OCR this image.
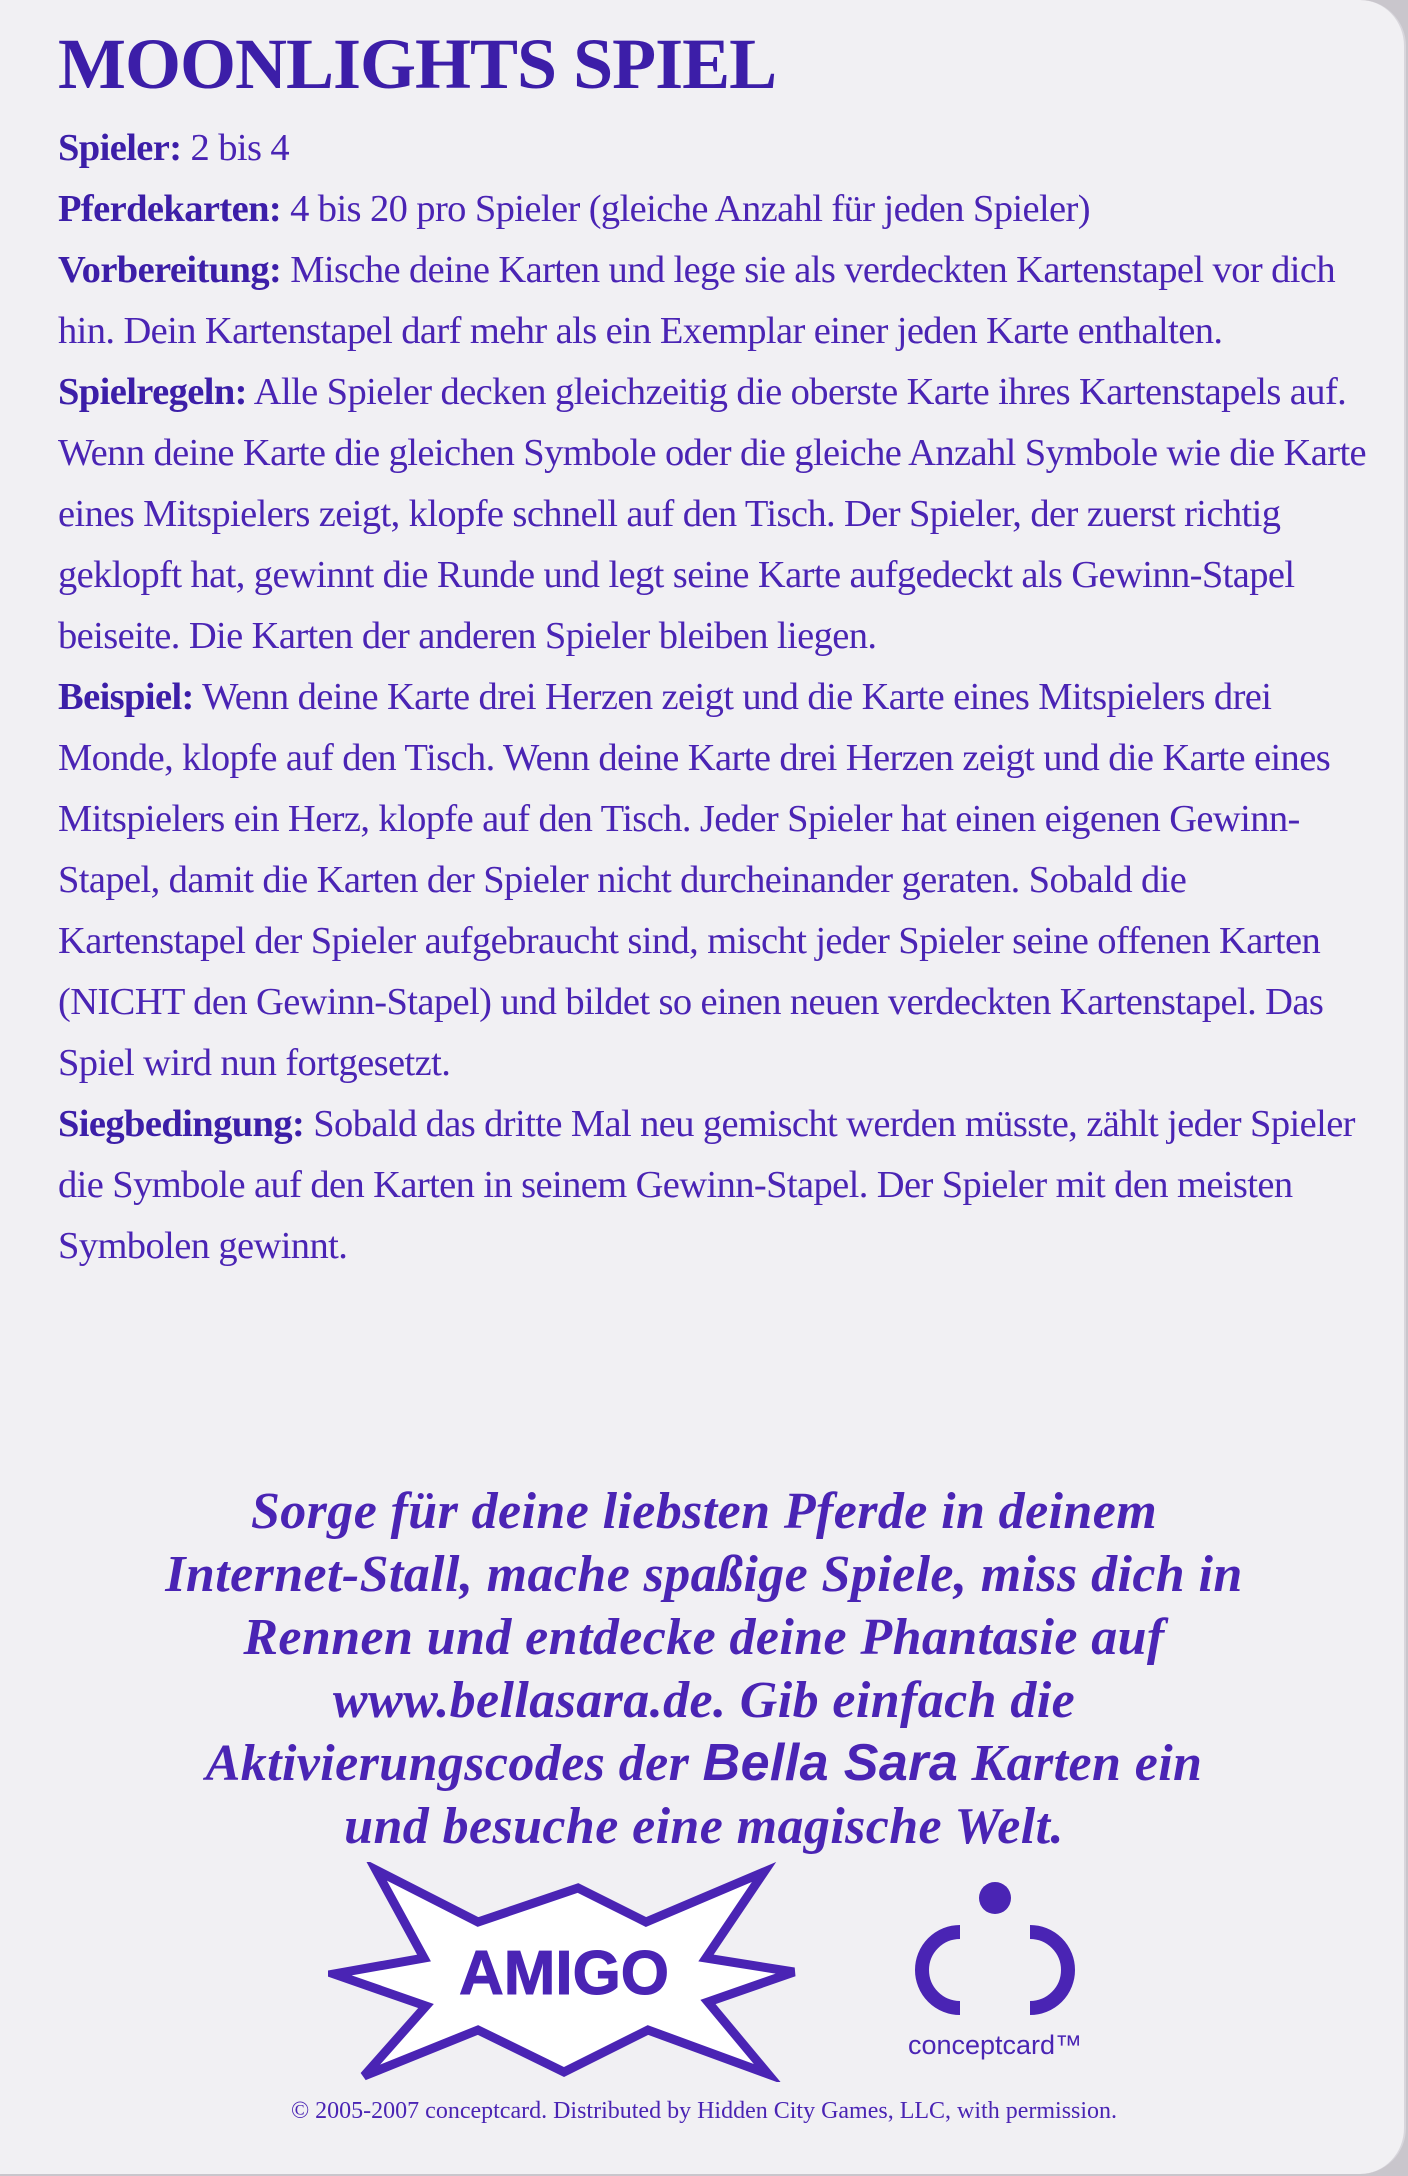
MOONLIGHTS SPIEL

Spieler: 2 bis 4

Pferdekarten: 4 bis 20 pro Spieler (gleiche Anzahl für jeden Spieler)

Vorbereitung: Mische deine Karten und lege sie als verdeckten Kartenstapel vor dich hin. Dein Kartenstapel darf mehr als ein Exemplar einer jeden Karte enthalten.

Spielregeln: Alle Spieler decken gleichzeitig die oberste Karte ihres Kartenstapels auf. Wenn deine Karte die gleichen Symbole oder die gleiche Anzahl Symbole wie die Karte eines Mitspielers zeigt, klopfe schnell auf den Tisch. Der Spieler, der zuerst richtig geklopft hat, gewinnt die Runde und legt seine Karte aufgedeckt als Gewinn-Stapel beiseite. Die Karten der anderen Spieler bleiben liegen.

Beispiel: Wenn deine Karte drei Herzen zeigt und die Karte eines Mitspielers drei Monde, klopfe auf den Tisch. Wenn deine Karte drei Herzen zeigt und die Karte eines Mitspielers ein Herz, klopfe auf den Tisch. Jeder Spieler hat einen eigenen Gewinn-Stapel, damit die Karten der Spieler nicht durcheinander geraten. Sobald die Kartenstapel der Spieler aufgebraucht sind, mischt jeder Spieler seine offenen Karten (NICHT den Gewinn-Stapel) und bildet so einen neuen verdeckten Kartenstapel. Das Spiel wird nun fortgesetzt.

Siegbedingung: Sobald das dritte Mal neu gemischt werden müsste, zählt jeder Spieler die Symbole auf den Karten in seinem Gewinn-Stapel. Der Spieler mit den meisten Symbolen gewinnt.

Sorge für deine liebsten Pferde in deinem
Internet-Stall, mache spaßige Spiele, miss dich in
Rennen und entdecke deine Phantasie auf
www.bellasara.de. Gib einfach die
Aktivierungscodes der Bella Sara Karten ein
und besuche eine magische Welt.
AMIGO
conceptcard™
© 2005-2007 conceptcard. Distributed by Hidden City Games, LLC, with permission.
